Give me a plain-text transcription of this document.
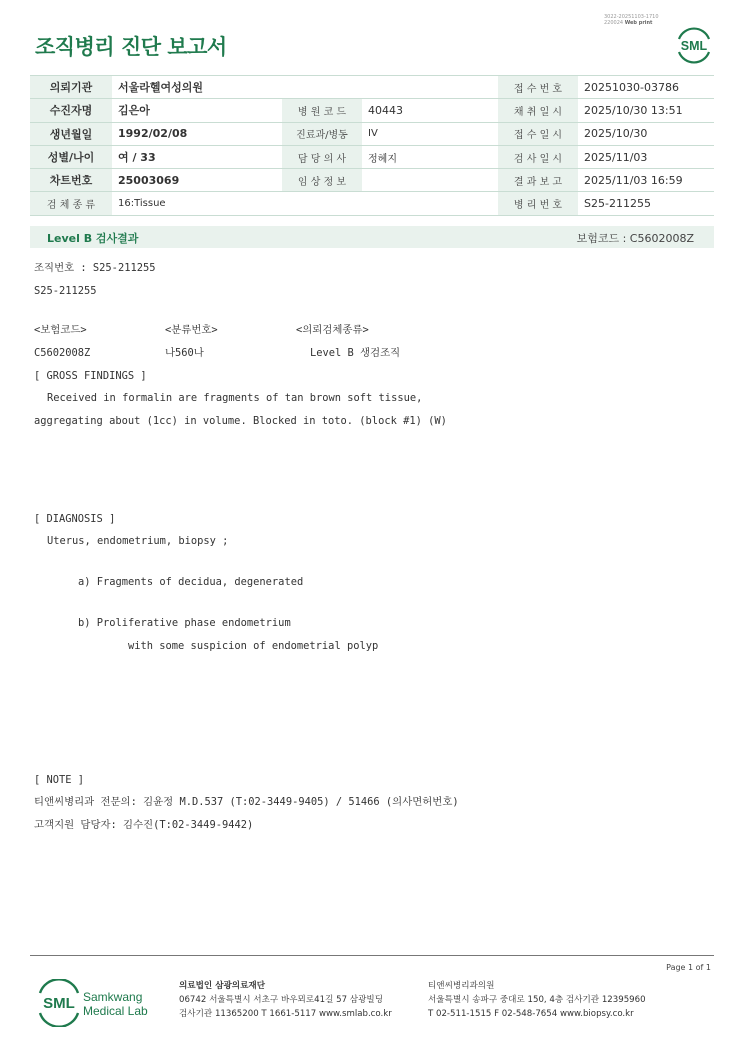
3022-20251103-1710
220024 Web print
조직병리 진단 보고서	SML
의뢰기관	서울라헬여성의원			접 수 번 호	20251030-03786
수진자명	김은아	병 원 코 드	40443	채 취 일 시	2025/10/30 13:51
생년월일	1992/02/08	진료과/병동	IV	접 수 일 시	2025/10/30
성별/나이	여 / 33	담 당 의 사	정혜지	검 사 일 시	2025/11/03
차트번호	25003069	임 상 정 보		결 과 보 고	2025/11/03 16:59
검 체 종 류	16:Tissue			병 리 번 호	S25-211255
Level B 검사결과	보험코드 : C5602008Z
조직번호 : S25-211255
S25-211255
<보험코드>	<분류번호>	<의뢰검체종류>
C5602008Z	나560나	Level B 생검조직
[ GROSS FINDINGS ]
Received in formalin are fragments of tan brown soft tissue,
aggregating about (1cc) in volume. Blocked in toto. (block #1) (W)
[ DIAGNOSIS ]
Uterus, endometrium, biopsy ;
a) Fragments of decidua, degenerated
b) Proliferative phase endometrium
with some suspicion of endometrial polyp
[ NOTE ]
티앤씨병리과 전문의: 김윤정 M.D.537 (T:02-3449-9405) / 51466 (의사면허번호)
고객지원 담당자: 김수진(T:02-3449-9442)
Page 1 of 1
SML Samkwang
Medical Lab
의료법인 삼광의료재단
06742 서울특별시 서초구 바우뫼로41길 57 삼광빌딩
검사기관 11365200 T 1661-5117 www.smlab.co.kr
티앤씨병리과의원
서울특별시 송파구 중대로 150, 4층 검사기관 12395960
T 02-511-1515 F 02-548-7654 www.biopsy.co.kr
